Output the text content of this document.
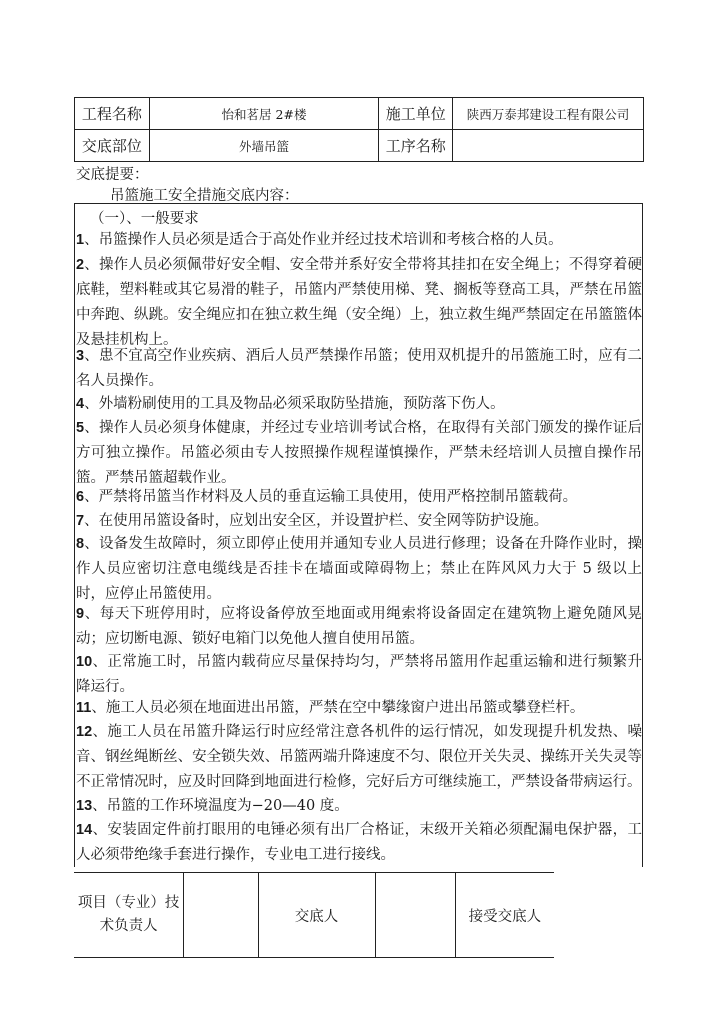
工程名称	怡和茗居 2#楼	施工单位	陕西万泰邦建设工程有限公司
交底部位	外墙吊篮	工序名称	
交底提要：
吊篮施工安全措施交底内容：
（一）、一般要求
1、吊篮操作人员必须是适合于高处作业并经过技术培训和考核合格的人员。
2、操作人员必须佩带好安全帽、安全带并系好安全带将其挂扣在安全绳上；不得穿着硬底鞋，塑料鞋或其它易滑的鞋子，吊篮内严禁使用梯、凳、搁板等登高工具，严禁在吊篮中奔跑、纵跳。安全绳应扣在独立救生绳（安全绳）上，独立救生绳严禁固定在吊篮篮体及悬挂机构上。
3、患不宜高空作业疾病、酒后人员严禁操作吊篮；使用双机提升的吊篮施工时，应有二名人员操作。
4、外墙粉刷使用的工具及物品必须采取防坠措施，预防落下伤人。
5、操作人员必须身体健康，并经过专业培训考试合格，在取得有关部门颁发的操作证后方可独立操作。吊篮必须由专人按照操作规程谨慎操作，严禁未经培训人员擅自操作吊篮。严禁吊篮超载作业。
6、严禁将吊篮当作材料及人员的垂直运输工具使用，使用严格控制吊篮载荷。
7、在使用吊篮设备时，应划出安全区，并设置护栏、安全网等防护设施。
8、设备发生故障时，须立即停止使用并通知专业人员进行修理；设备在升降作业时，操作人员应密切注意电缆线是否挂卡在墙面或障碍物上；禁止在阵风风力大于 5 级以上时，应停止吊篮使用。
9、每天下班停用时，应将设备停放至地面或用绳索将设备固定在建筑物上避免随风晃动；应切断电源、锁好电箱门以免他人擅自使用吊篮。
10、正常施工时，吊篮内载荷应尽量保持均匀，严禁将吊篮用作起重运输和进行频繁升降运行。
11、施工人员必须在地面进出吊篮，严禁在空中攀缘窗户进出吊篮或攀登栏杆。
12、施工人员在吊篮升降运行时应经常注意各机件的运行情况，如发现提升机发热、噪音、钢丝绳断丝、安全锁失效、吊篮两端升降速度不匀、限位开关失灵、操练开关失灵等不正常情况时，应及时回降到地面进行检修，完好后方可继续施工，严禁设备带病运行。
13、吊篮的工作环境温度为−20—40 度。
14、安装固定件前打眼用的电锤必须有出厂合格证，末级开关箱必须配漏电保护器，工人必须带绝缘手套进行操作，专业电工进行接线。
项目（专业）技术负责人		交底人		接受交底人
